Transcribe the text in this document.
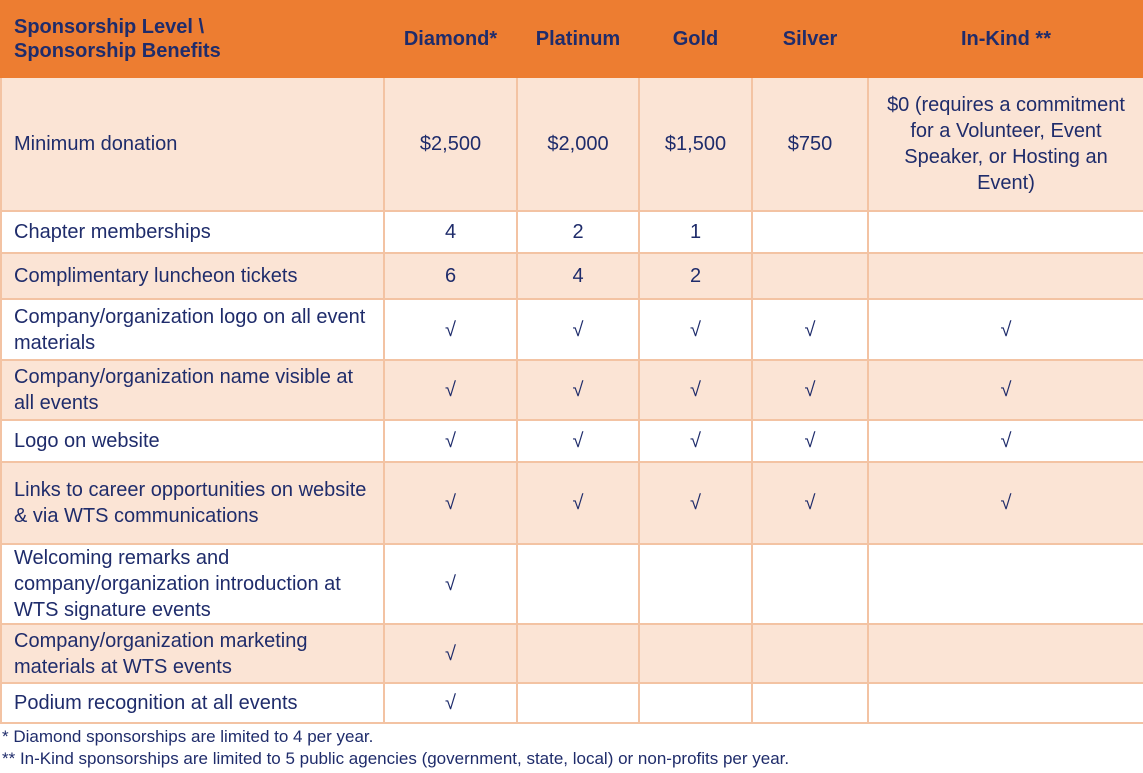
Sponsorship Level \
Sponsorship Benefits	Diamond*	Platinum	Gold	Silver	In-Kind **
Minimum donation	$2,500	$2,000	$1,500	$750	$0 (requires a commitment for a Volunteer, Event Speaker, or Hosting an Event)
Chapter memberships	4	2	1		
Complimentary luncheon tickets	6	4	2		
Company/organization logo on all event materials	√	√	√	√	√
Company/organization name visible at all events	√	√	√	√	√
Logo on website	√	√	√	√	√
Links to career opportunities on website & via WTS communications	√	√	√	√	√
Welcoming remarks and company/organization introduction at WTS signature events	√				
Company/organization marketing materials at WTS events	√				
Podium recognition at all events	√				

* Diamond sponsorships are limited to 4 per year.

** In-Kind sponsorships are limited to 5 public agencies (government, state, local) or non-profits per year.
